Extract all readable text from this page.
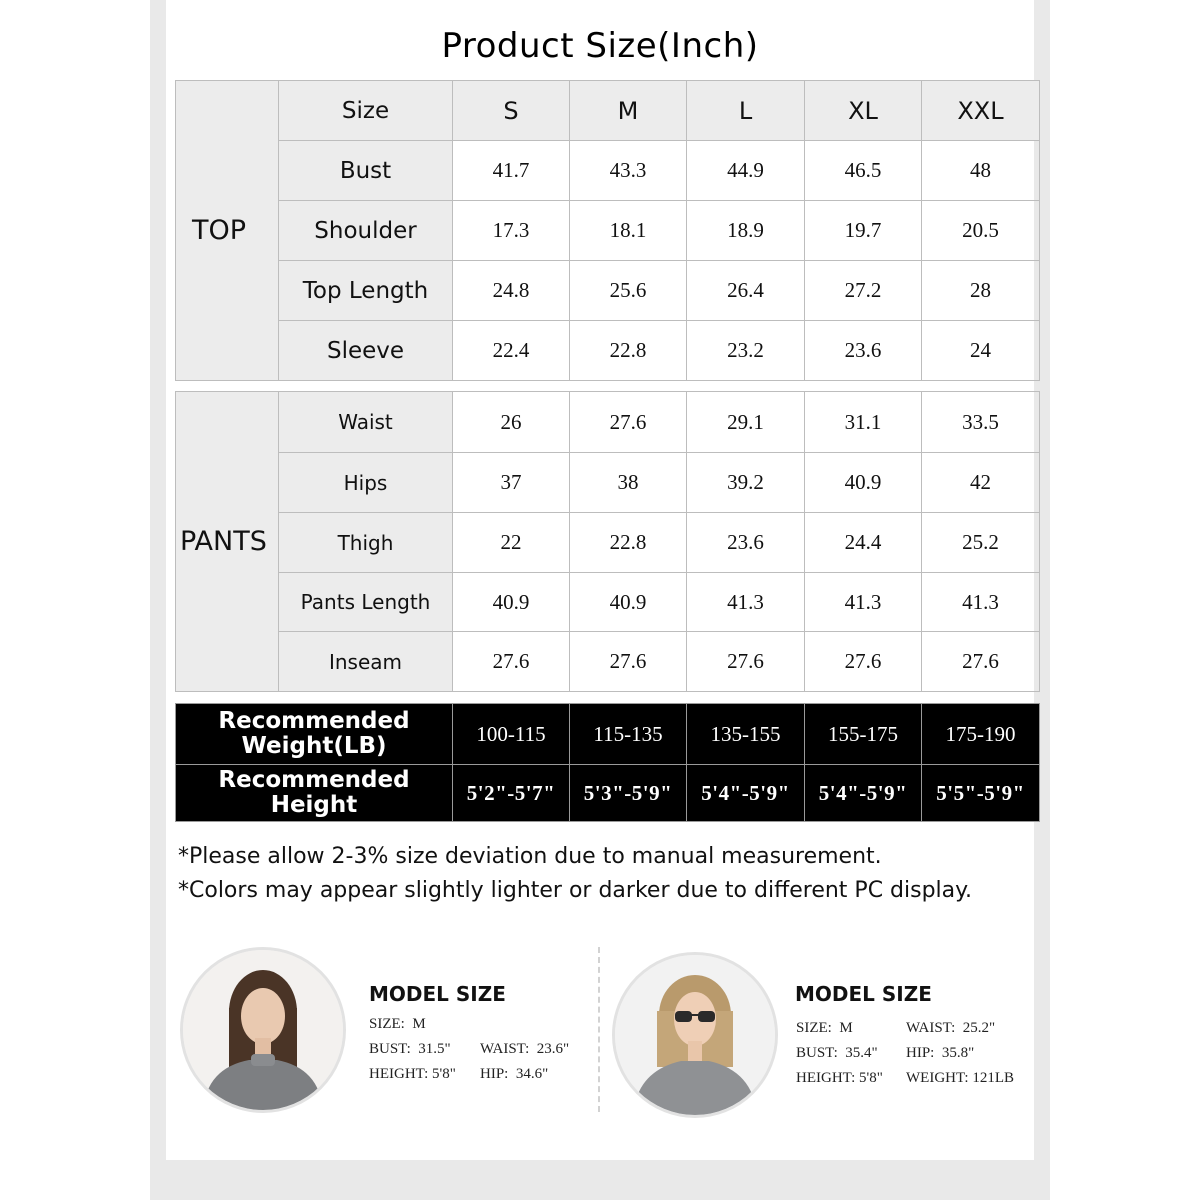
Product Size(Inch)
TOP	Size	S	M	L	XL	XXL
	Bust	41.7	43.3	44.9	46.5	48
	Shoulder	17.3	18.1	18.9	19.7	20.5
	Top Length	24.8	25.6	26.4	27.2	28
	Sleeve	22.4	22.8	23.2	23.6	24
PANTS	Waist	26	27.6	29.1	31.1	33.5
	Hips	37	38	39.2	40.9	42
	Thigh	22	22.8	23.6	24.4	25.2
	Pants Length	40.9	40.9	41.3	41.3	41.3
	Inseam	27.6	27.6	27.6	27.6	27.6
Recommended
Weight(LB)	100-115	115-135	135-155	155-175	175-190

Recommended
Height	5'2"-5'7"	5'3"-5'9"	5'4"-5'9"	5'4"-5'9"	5'5"-5'9"
*Please allow 2-3% size deviation due to manual measurement.
*Colors may appear slightly lighter or darker due to different PC display.
MODEL SIZE
SIZE:  M
BUST:  31.5" WAIST:  23.6"
HEIGHT: 5'8" HIP:  34.6"
MODEL SIZE
SIZE:  M	WAIST:  25.2"
BUST:  35.4" HIP:  35.8"
HEIGHT: 5'8" WEIGHT: 121LB
